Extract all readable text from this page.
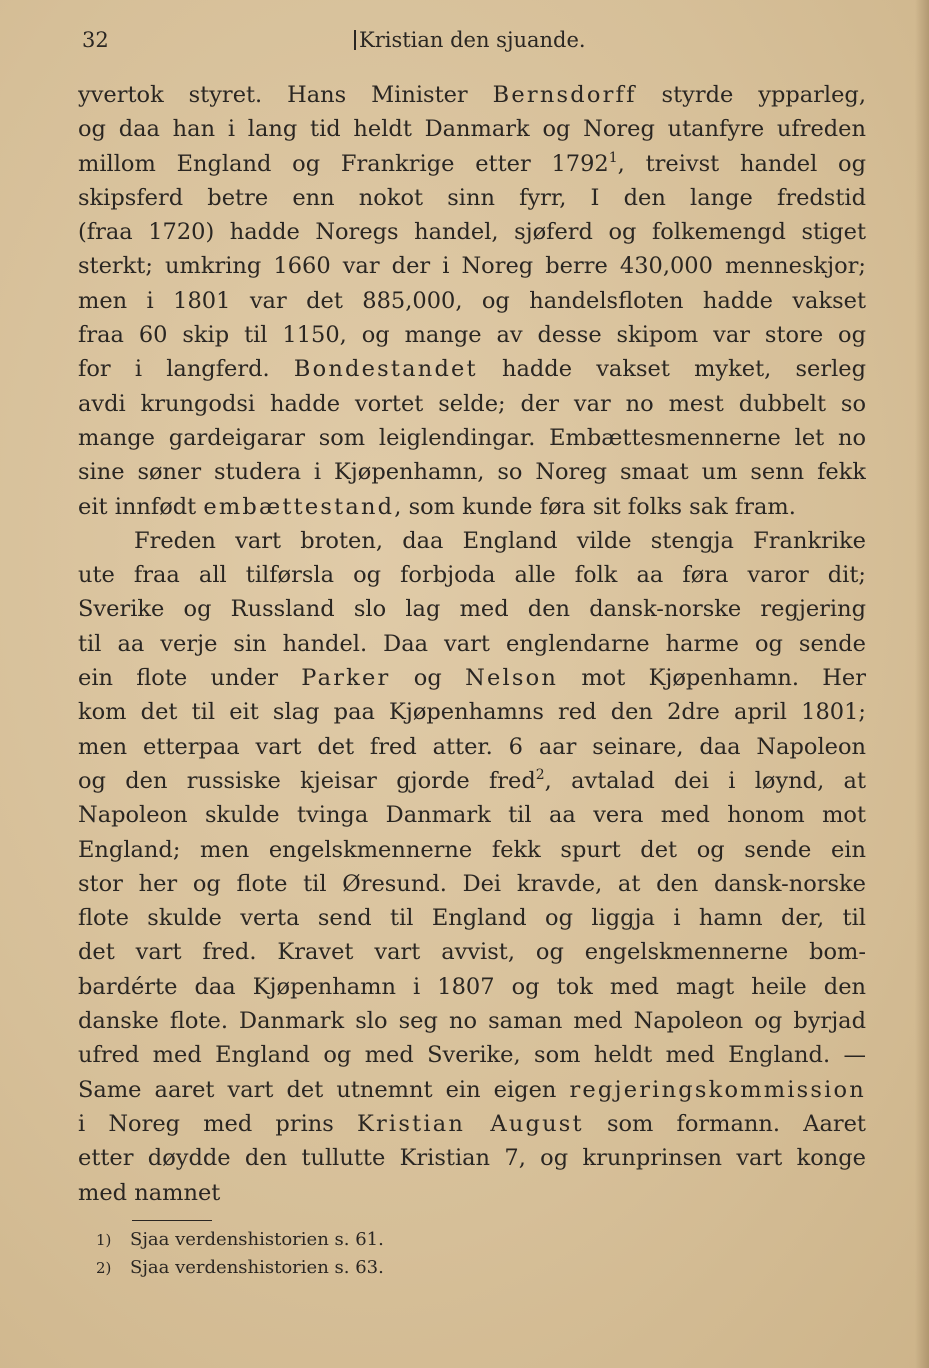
32	Kristian den sjuande.
yvertok styret. Hans Minister Bernsdorff styrde ypparleg,
og daa han i lang tid heldt Danmark og Noreg utanfyre ufreden
millom England og Frankrige etter 1792$^1$, treivst handel og
skipsferd betre enn nokot sinn fyrr, I den lange fredstid
(fraa 1720) hadde Noregs handel, sjøferd og folkemengd stiget
sterkt; umkring 1660 var der i Noreg berre 430,000 menneskjor;
men i 1801 var det 885,000, og handelsfloten hadde vakset
fraa 60 skip til 1150, og mange av desse skipom var store og
for i langferd. Bondestandet hadde vakset myket, serleg
avdi krungodsi hadde vortet selde; der var no mest dubbelt so
mange gardeigarar som leiglendingar. Embættesmennerne let no
sine søner studera i Kjøpenhamn, so Noreg smaat um senn fekk
eit innfødt embættestand, som kunde føra sit folks sak fram.
Freden vart broten, daa England vilde stengja Frankrike
ute fraa all tilførsla og forbjoda alle folk aa føra varor dit;
Sverike og Russland slo lag med den dansk-norske regjering
til aa verje sin handel. Daa vart englendarne harme og sende
ein flote under Parker og Nelson mot Kjøpenhamn. Her
kom det til eit slag paa Kjøpenhamns red den 2dre april 1801;
men etterpaa vart det fred atter. 6 aar seinare, daa Napoleon
og den russiske kjeisar gjorde fred$^2$, avtalad dei i løynd, at
Napoleon skulde tvinga Danmark til aa vera med honom mot
England; men engelskmennerne fekk spurt det og sende ein
stor her og flote til Øresund. Dei kravde, at den dansk-norske
flote skulde verta send til England og liggja i hamn der, til
det vart fred. Kravet vart avvist, og engelskmennerne bom-
bardérte daa Kjøpenhamn i 1807 og tok med magt heile den
danske flote. Danmark slo seg no saman med Napoleon og byrjad
ufred med England og med Sverike, som heldt med England. —
Same aaret vart det utnemnt ein eigen regjeringskommission
i Noreg med prins Kristian August som formann. Aaret
etter døydde den tullutte Kristian 7, og krunprinsen vart konge
med namnet
1) Sjaa verdenshistorien s. 61.
2) Sjaa verdenshistorien s. 63.
